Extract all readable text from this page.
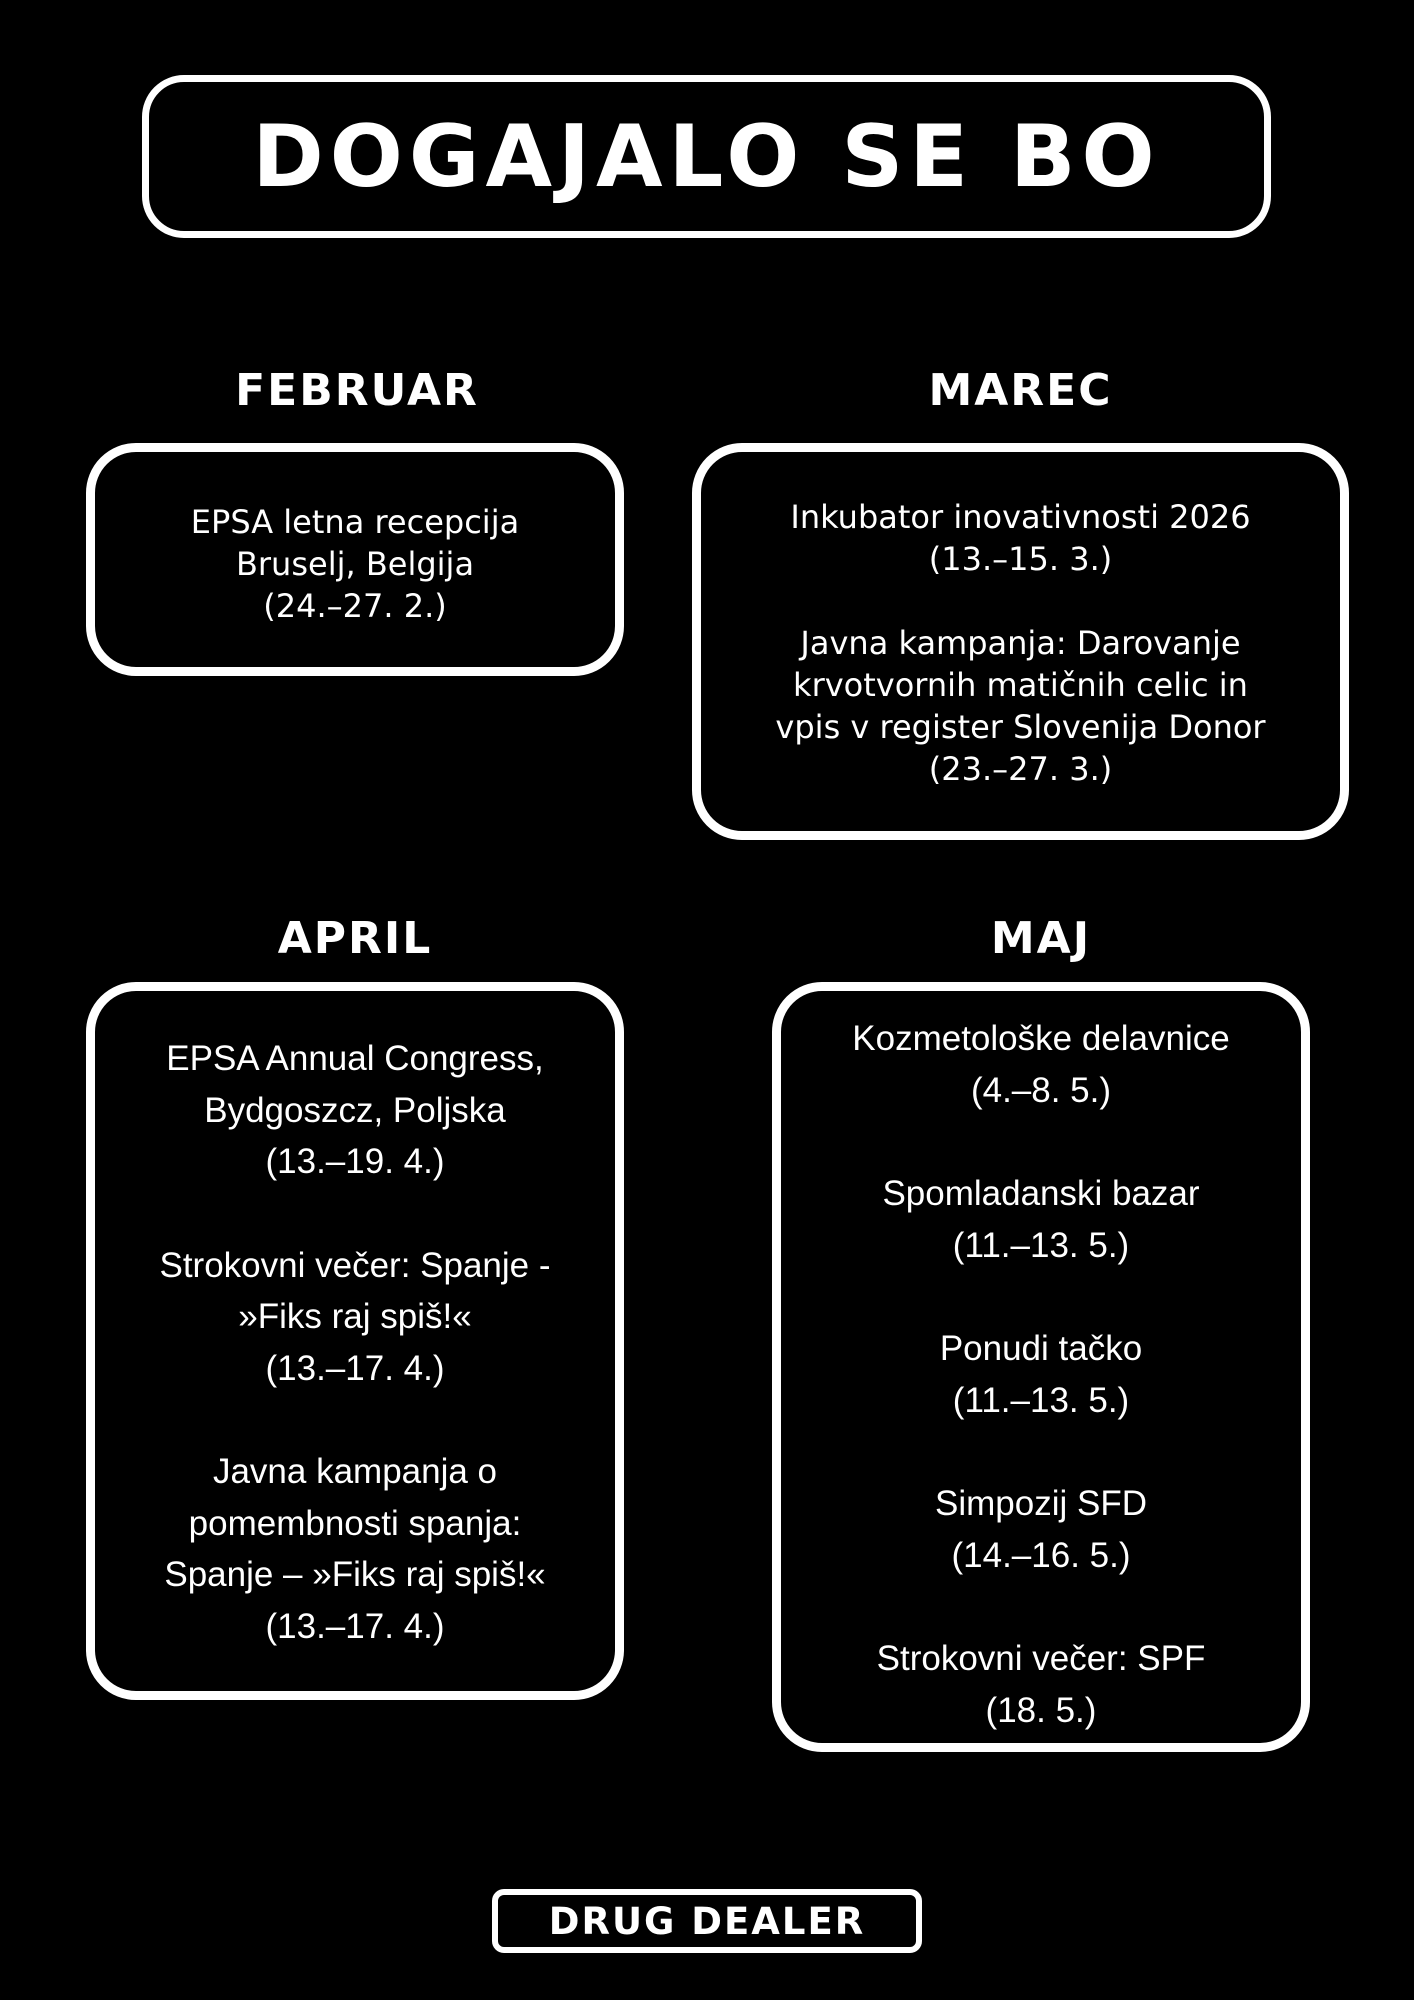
DOGAJALO SE BO
FEBRUAR
EPSA letna recepcija
Bruselj, Belgija
(24.–27. 2.)
MAREC
Inkubator inovativnosti 2026
(13.–15. 3.)
Javna kampanja: Darovanje
krvotvornih matičnih celic in
vpis v register Slovenija Donor
(23.–27. 3.)
APRIL
EPSA Annual Congress,
Bydgoszcz, Poljska
(13.–19. 4.)
Strokovni večer: Spanje -
»Fiks raj spiš!«
(13.–17. 4.)
Javna kampanja o
pomembnosti spanja:
Spanje – »Fiks raj spiš!«
(13.–17. 4.)
MAJ
Kozmetološke delavnice
(4.–8. 5.)
Spomladanski bazar
(11.–13. 5.)
Ponudi tačko
(11.–13. 5.)
Simpozij SFD
(14.–16. 5.)
Strokovni večer: SPF
(18. 5.)
DRUG DEALER
